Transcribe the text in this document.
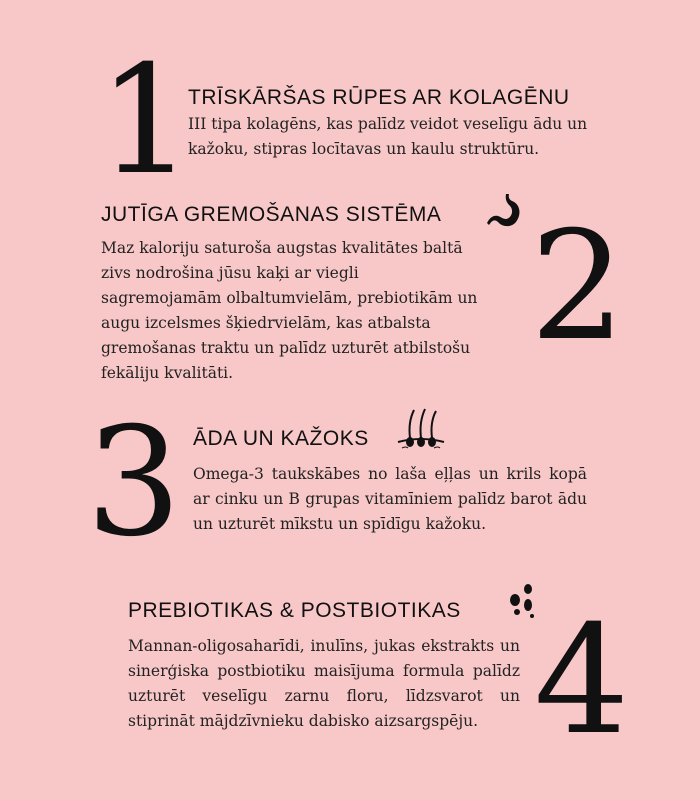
1
TRĪSKĀRŠAS RŪPES AR KOLAGĒNU
III tipa kolagēns, kas palīdz veidot veselīgu ādu un kažoku, stipras locītavas un kaulu struktūru.
JUTĪGA GREMOŠANAS SISTĒMA
Maz kaloriju saturoša augstas kvalitātes baltā zivs nodrošina jūsu kaķi ar viegli sagremojamām olbaltumvielām, prebiotikām un augu izcelsmes šķiedrvielām, kas atbalsta gremošanas traktu un palīdz uzturēt atbilstošu fekāliju kvalitāti.	2
3 ĀDA UN KAŽOKS
Omega-3 taukskābes no laša eļļas un krils kopā ar cinku un B grupas vitamīniem palīdz barot ādu un uzturēt mīkstu un spīdīgu kažoku.
PREBIOTIKAS & POSTBIOTIKAS
Mannan-oligosaharīdi, inulīns, jukas ekstrakts un sinerģiska postbiotiku maisījuma formula palīdz uzturēt veselīgu zarnu floru, līdzsvarot un stiprināt mājdzīvnieku dabisko aizsargspēju. 4
